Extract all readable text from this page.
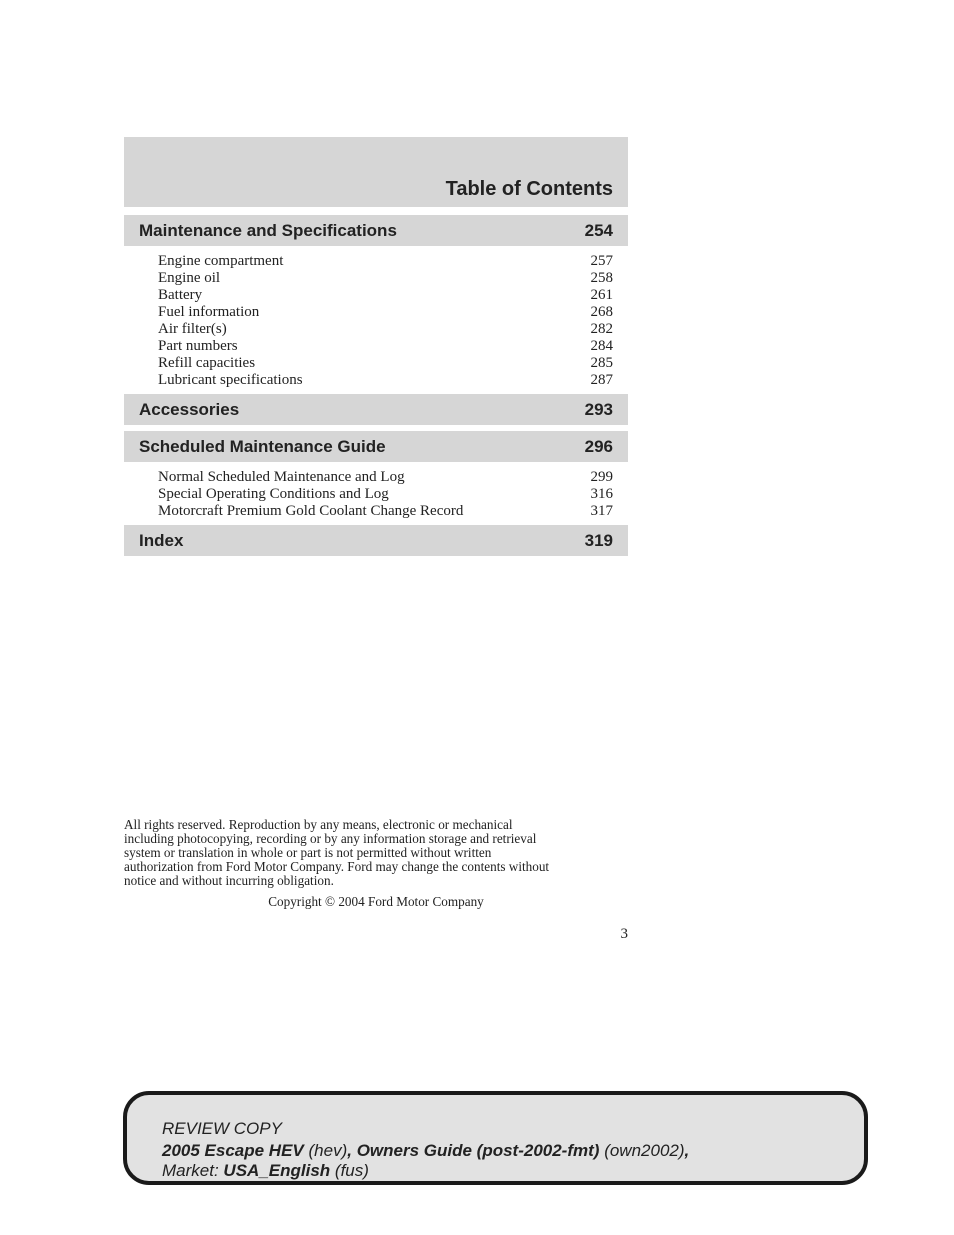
Table of Contents
Maintenance and Specifications	254
Engine compartment	257
Engine oil	258
Battery	261
Fuel information	268
Air filter(s)	282
Part numbers	284
Refill capacities	285
Lubricant specifications	287
Accessories	293
Scheduled Maintenance Guide	296
Normal Scheduled Maintenance and Log	299
Special Operating Conditions and Log	316
Motorcraft Premium Gold Coolant Change Record	317
Index	319
All rights reserved. Reproduction by any means, electronic or mechanical
including photocopying, recording or by any information storage and retrieval
system or translation in whole or part is not permitted without written
authorization from Ford Motor Company. Ford may change the contents without
notice and without incurring obligation.
Copyright © 2004 Ford Motor Company
3
REVIEW COPY
2005 Escape HEV (hev), Owners Guide (post-2002-fmt) (own2002),
Market: USA_English (fus)
